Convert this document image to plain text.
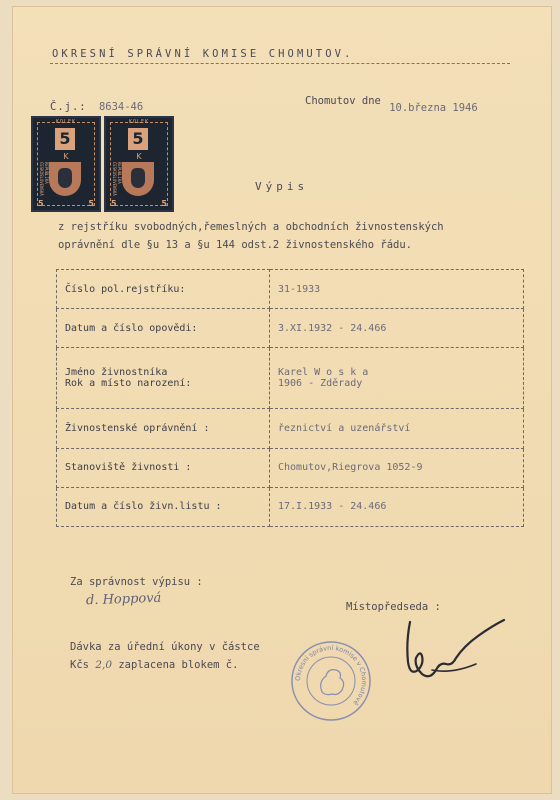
OKRESNÍ SPRÁVNÍ KOMISE CHOMUTOV.
Č.j.: 8634-46	Chomutov dne 10.března 1946
KOLEK
5
K
REPUBLIKA ČESKOSLOVENSKÁ
5	5
KOLEK
5
K
REPUBLIKA ČESKOSLOVENSKÁ
5	5
Výpis
z rejstříku svobodných,řemeslných a obchodních živnostenských
oprávnění dle §u 13 a §u 144 odst.2 živnostenského řádu.
Číslo pol.rejstříku:	31-1933
Datum a číslo opovědi:	3.XI.1932 - 24.466

Jméno živnostníka
Rok a místo narození:	Karel W o s k a
1906 - Zděrady

Živnostenské oprávnění :	řeznictví a uzenářství
Stanoviště živnosti :	Chomutov,Riegrova 1052-9
Datum a číslo živn.listu :	17.I.1933 - 24.466
Za správnost výpisu :
d. Hoppová	Místopředseda :
Dávka za úřední úkony v částce
Kčs 2,0 zaplacena blokem č.
Okresní správní komise v Chomutově
